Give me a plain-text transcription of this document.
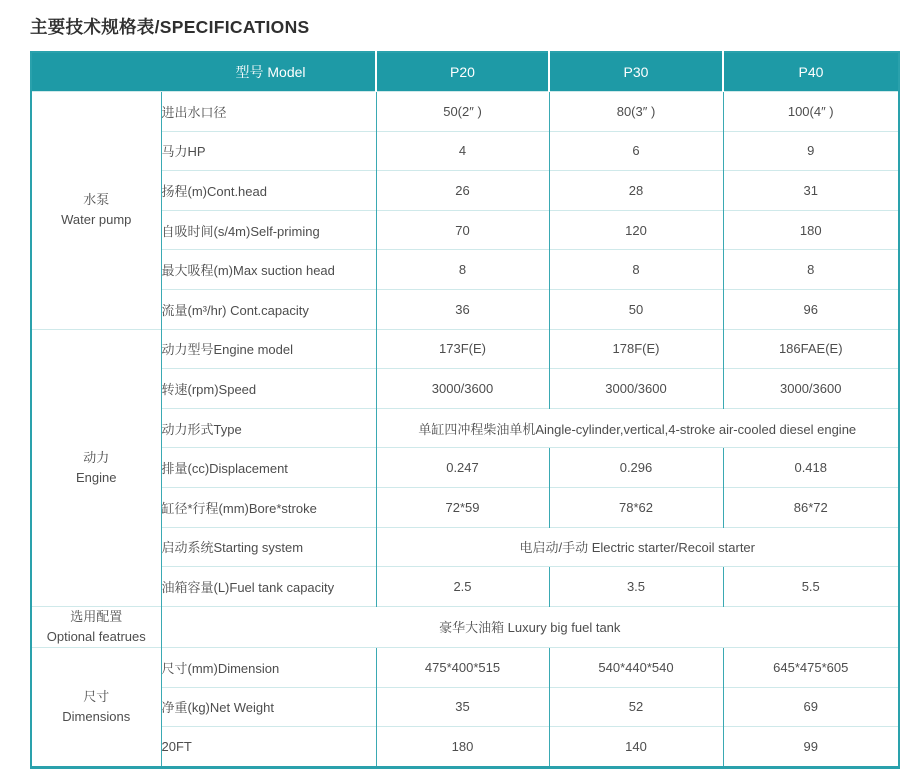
主要技术规格表/SPECIFICATIONS
型号 Model		P20	P30	P40

水泵
Water pump	进出水口径	50(2″ )	80(3″ )	100(4″ )
	马力HP	4	6	9
	扬程(m)Cont.head	26	28	31
	自吸时间(s/4m)Self-priming	70	120	180
	最大吸程(m)Max suction head	8	8	8
	流量(m³/hr) Cont.capacity	36	50	96

动力
Engine	动力型号Engine model	173F(E)	178F(E)	186FAE(E)
	转速(rpm)Speed	3000/3600	3000/3600	3000/3600
	动力形式Type	单缸四冲程柴油单机Aingle-cylinder,vertical,4-stroke air-cooled diesel engine		
	排量(cc)Displacement	0.247	0.296	0.418
	缸径*行程(mm)Bore*stroke	72*59	78*62	86*72
	启动系统Starting system	电启动/手动 Electric starter/Recoil starter		
	油箱容量(L)Fuel tank capacity	2.5	3.5	5.5

选用配置
Optional featrues	豪华大油箱 Luxury big fuel tank			

尺寸
Dimensions	尺寸(mm)Dimension	475*400*515	540*440*540	645*475*605
	净重(kg)Net Weight	35	52	69
	20FT	180	140	99
